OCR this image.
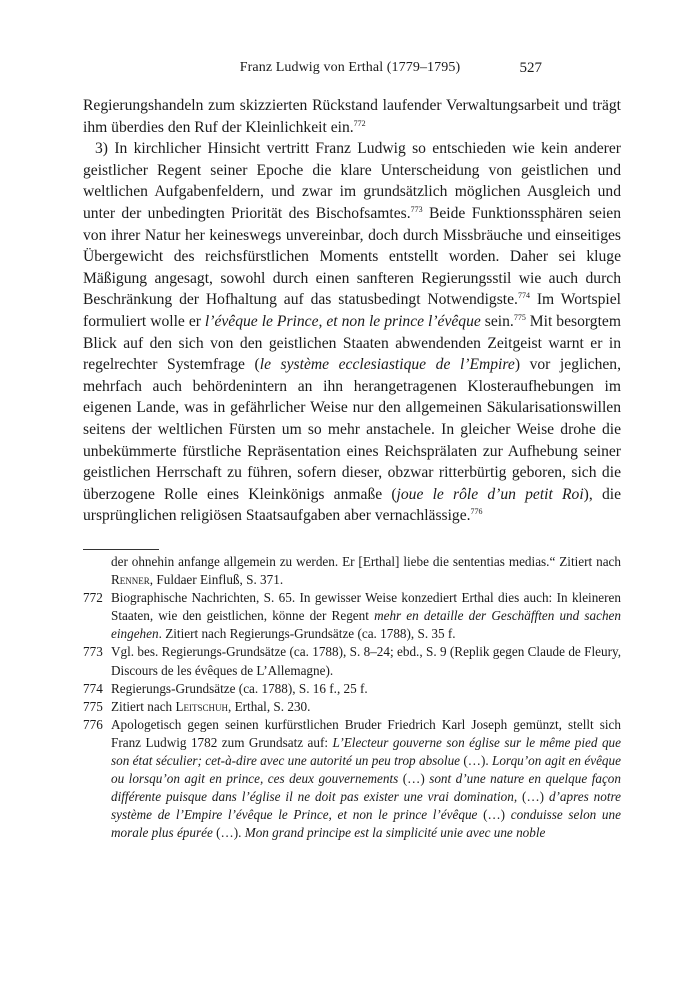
Franz Ludwig von Erthal (1779–1795)	527

Regierungshandeln zum skizzierten Rückstand laufender Verwaltungsarbeit und trägt ihm überdies den Ruf der Kleinlichkeit ein.$^{772}$

3) In kirchlicher Hinsicht vertritt Franz Ludwig so entschieden wie kein anderer geistlicher Regent seiner Epoche die klare Unterscheidung von geistlichen und weltlichen Aufgabenfeldern, und zwar im grundsätzlich möglichen Ausgleich und unter der unbedingten Priorität des Bischofsamtes.$^{773}$ Beide Funktionssphären seien von ihrer Natur her keineswegs unvereinbar, doch durch Missbräuche und einseitiges Übergewicht des reichsfürstlichen Moments entstellt worden. Daher sei kluge Mäßigung angesagt, sowohl durch einen sanfteren Regierungsstil wie auch durch Beschränkung der Hofhaltung auf das statusbedingt Notwendigste.$^{774}$ Im Wortspiel formuliert wolle er l’évêque le Prince, et non le prince l’évêque sein.$^{775}$ Mit besorgtem Blick auf den sich von den geistlichen Staaten abwendenden Zeitgeist warnt er in regelrechter Systemfrage (le système ecclesiastique de l’Empire) vor jeglichen, mehrfach auch behördenintern an ihn herangetragenen Klosteraufhebungen im eigenen Lande, was in gefährlicher Weise nur den allgemeinen Säkularisationswillen seitens der weltlichen Fürsten um so mehr anstachele. In gleicher Weise drohe die unbekümmerte fürstliche Repräsentation eines Reichsprälaten zur Aufhebung seiner geistlichen Herrschaft zu führen, sofern dieser, obzwar ritterbürtig geboren, sich die überzogene Rolle eines Kleinkönigs anmaße (joue le rôle d’un petit Roi), die ursprünglichen religiösen Staatsaufgaben aber vernachlässige.$^{776}$

der ohnehin anfange allgemein zu werden. Er [Erthal] liebe die sententias medias.“ Zitiert nach Renner, Fuldaer Einfluß, S. 371.

772 Biographische Nachrichten, S. 65. In gewisser Weise konzediert Erthal dies auch: In kleineren Staaten, wie den geistlichen, könne der Regent mehr en detaille der Geschäfften und sachen eingehen. Zitiert nach Regierungs-Grundsätze (ca. 1788), S. 35 f.

773 Vgl. bes. Regierungs-Grundsätze (ca. 1788), S. 8–24; ebd., S. 9 (Replik gegen Claude de Fleury, Discours de les évêques de L’Allemagne).

774 Regierungs-Grundsätze (ca. 1788), S. 16 f., 25 f.

775 Zitiert nach Leitschuh, Erthal, S. 230.

776 Apologetisch gegen seinen kurfürstlichen Bruder Friedrich Karl Joseph gemünzt, stellt sich Franz Ludwig 1782 zum Grundsatz auf: L’Electeur gouverne son église sur le même pied que son état séculier; cet-à-dire avec une autorité un peu trop absolue (…). Lorqu’on agit en évêque ou lorsqu’on agit en prince, ces deux gouvernements (…) sont d’une nature en quelque façon différente puisque dans l’église il ne doit pas exister une vrai domination, (…) d’apres notre système de l’Empire l’évêque le Prince, et non le prince l’évêque (…) conduisse selon une morale plus épurée (…). Mon grand principe est la simplicité unie avec une noble
